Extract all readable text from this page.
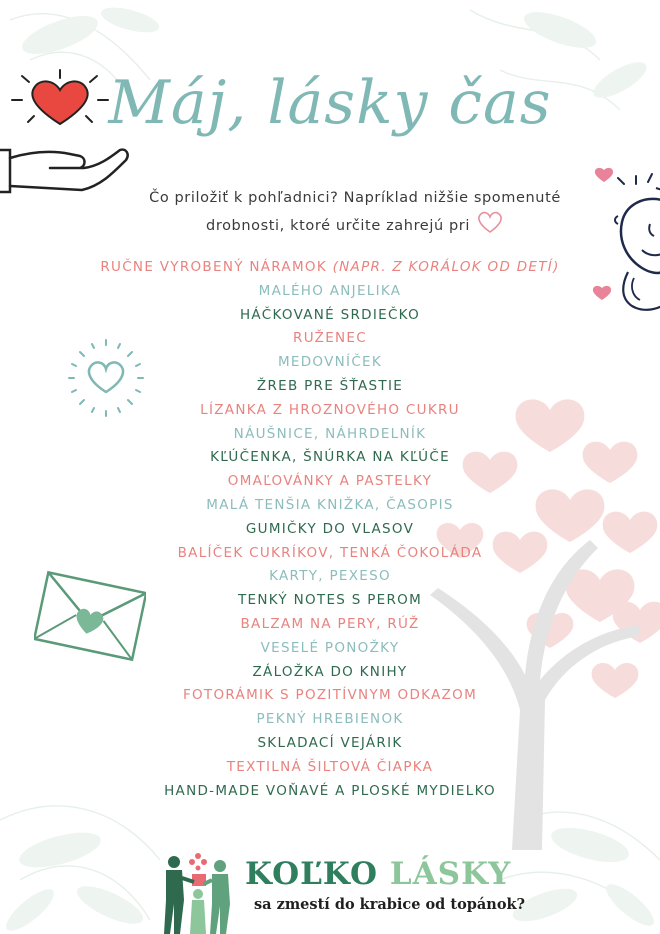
Máj, lásky čas
Čo priložiť k pohľadnici? Napríklad nižšie spomenuté
drobnosti, ktoré určite zahrejú pri
RUČNE VYROBENÝ NÁRAMOK (NAPR. Z KORÁLOK OD DETÍ)
MALÉHO ANJELIKA
HÁČKOVANÉ SRDIEČKO
RUŽENEC
MEDOVNÍČEK
ŽREB PRE ŠŤASTIE
LÍZANKA Z HROZNOVÉHO CUKRU
NÁUŠNICE, NÁHRDELNÍK
KĽÚČENKA, ŠNÚRKA NA KĽÚČE
OMAĽOVÁNKY A PASTELKY
MALÁ TENŠIA KNIŽKA, ČASOPIS
GUMIČKY DO VLASOV
BALÍČEK CUKRÍKOV, TENKÁ ČOKOLÁDA
KARTY, PEXESO
TENKÝ NOTES S PEROM
BALZAM NA PERY, RÚŽ
VESELÉ PONOŽKY
ZÁLOŽKA DO KNIHY
FOTORÁMIK S POZITÍVNYM ODKAZOM
PEKNÝ HREBIENOK
SKLADACÍ VEJÁRIK
TEXTILNÁ ŠILTOVÁ ČIAPKA
HAND-MADE VOŇAVÉ A PLOSKÉ MYDIELKO
KOĽKO LÁSKY
sa zmestí do krabice od topánok?
